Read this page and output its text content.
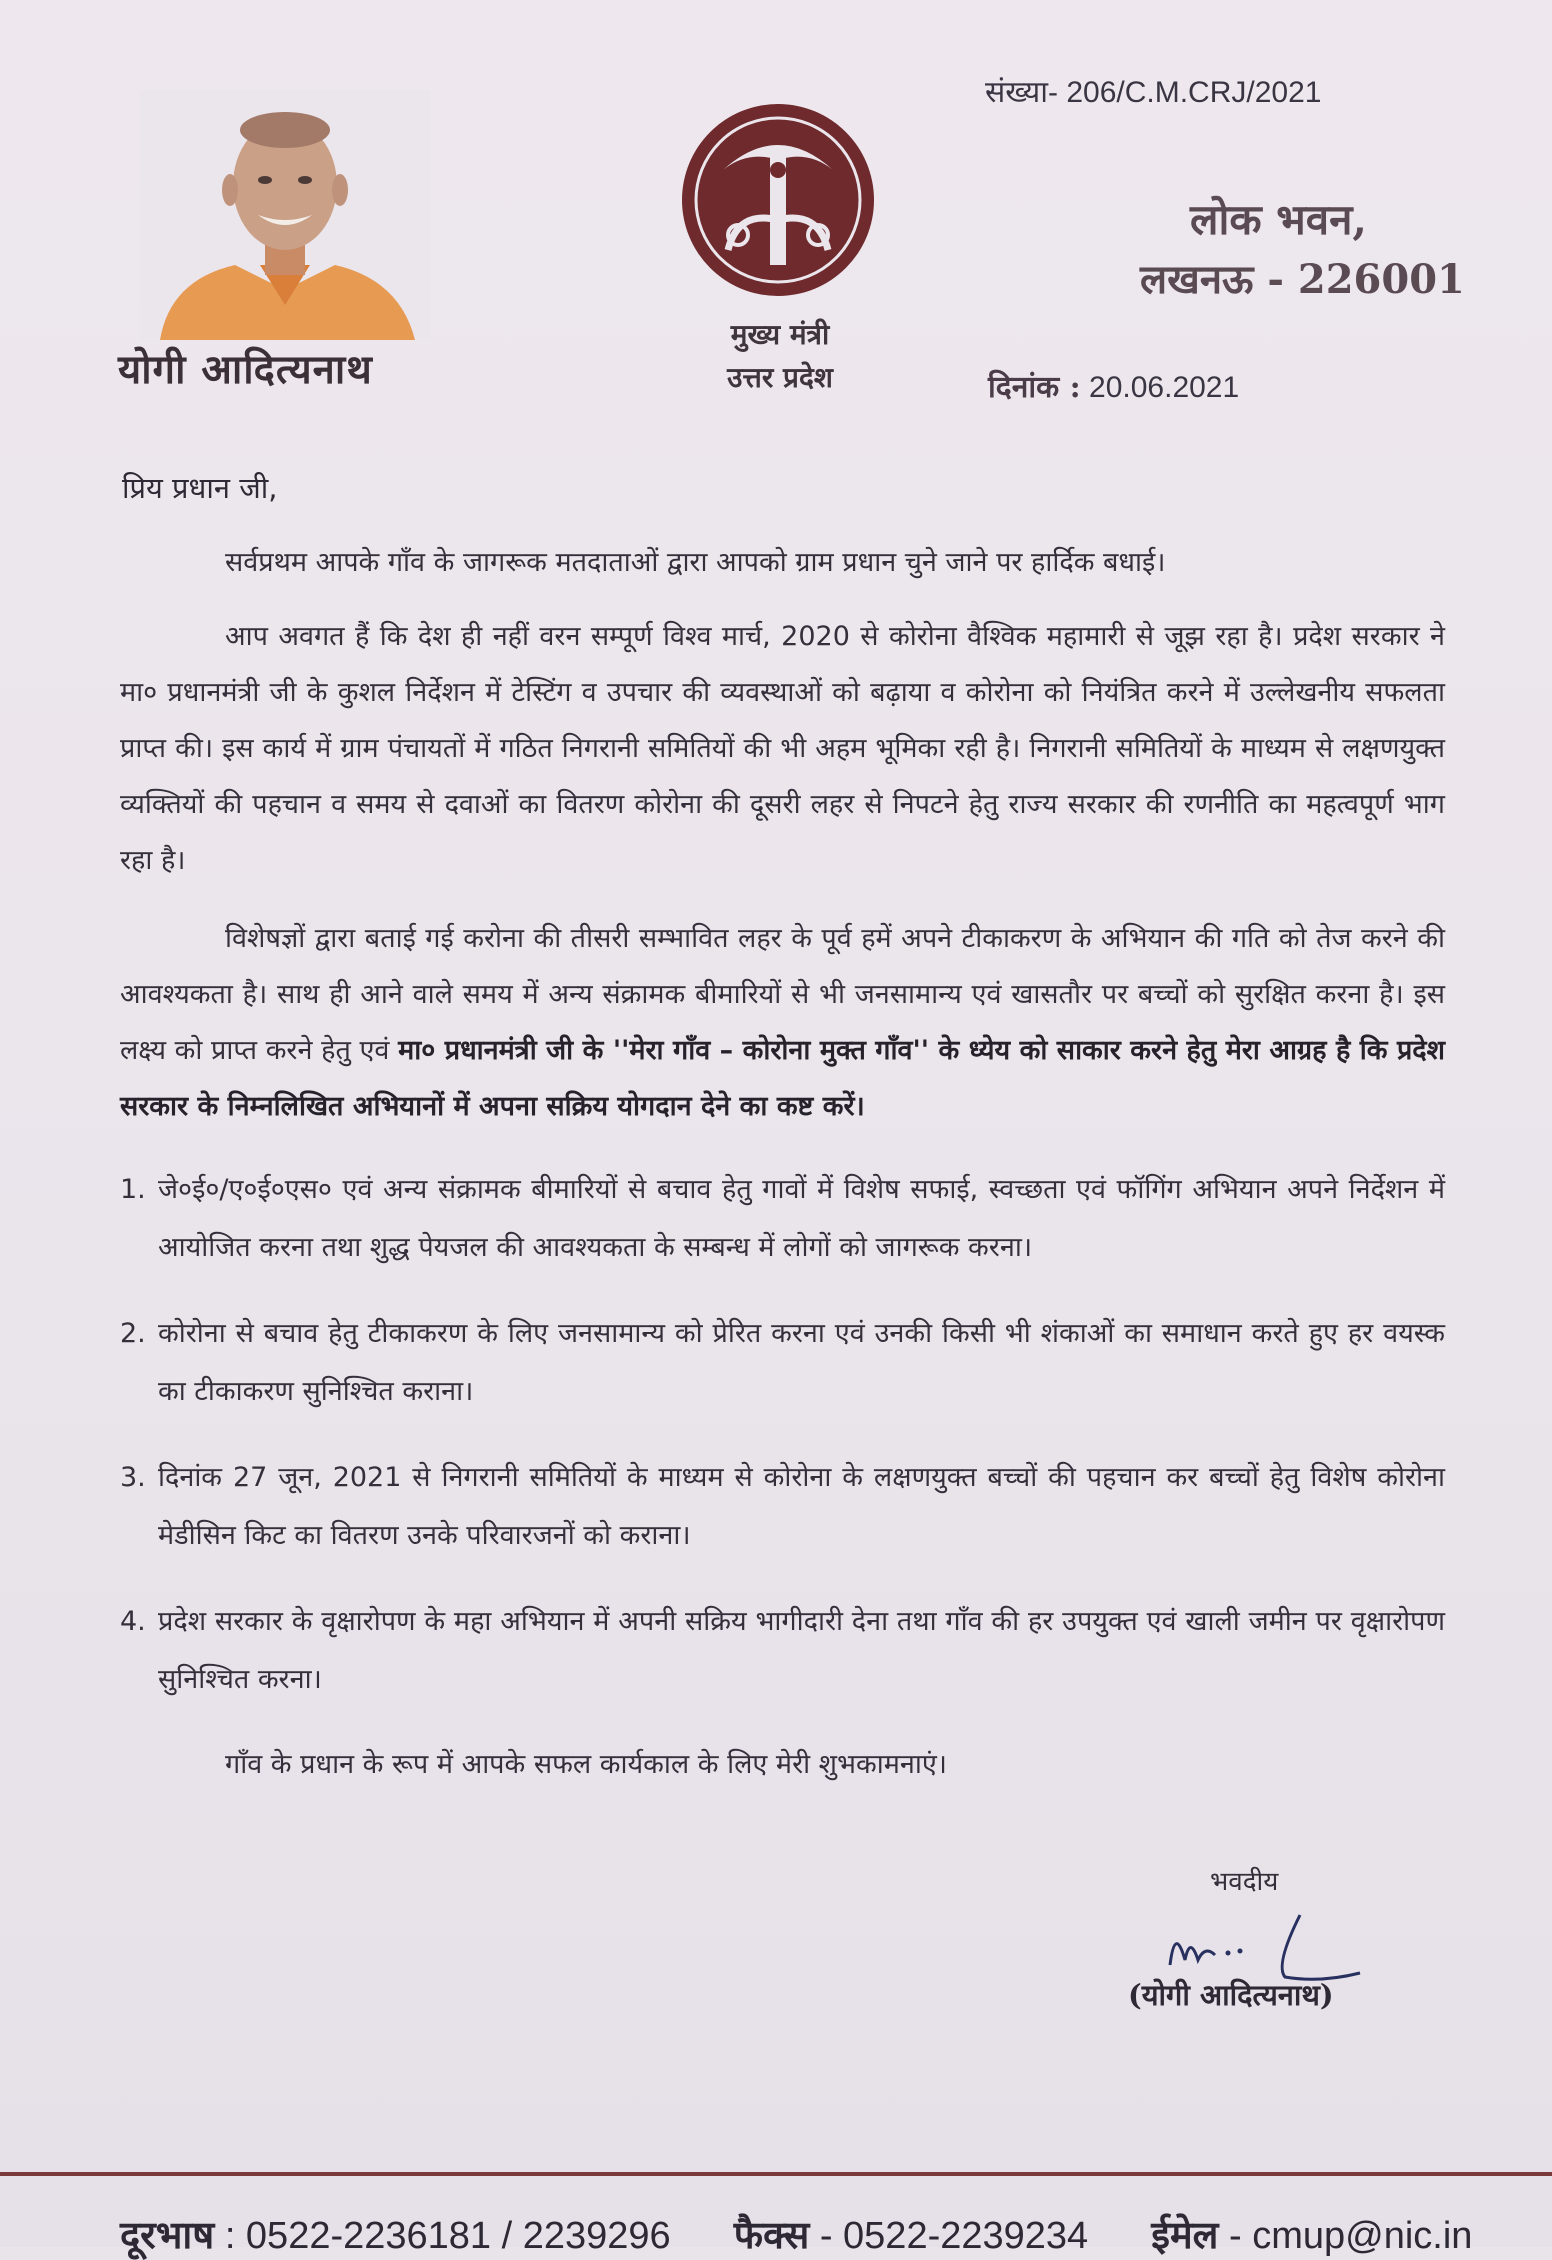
योगी आदित्यनाथ
मुख्य मंत्री
उत्तर प्रदेश
संख्या- 206/C.M.CRJ/2021
लोक भवन,
लखनऊ - 226001
दिनांक : 20.06.2021
प्रिय प्रधान जी,

सर्वप्रथम आपके गाँव के जागरूक मतदाताओं द्वारा आपको ग्राम प्रधान चुने जाने पर हार्दिक बधाई।

आप अवगत हैं कि देश ही नहीं वरन सम्पूर्ण विश्व मार्च, 2020 से कोरोना वैश्विक महामारी से जूझ रहा है। प्रदेश सरकार ने मा० प्रधानमंत्री जी के कुशल निर्देशन में टेस्टिंग व उपचार की व्यवस्थाओं को बढ़ाया व कोरोना को नियंत्रित करने में उल्लेखनीय सफलता प्राप्त की। इस कार्य में ग्राम पंचायतों में गठित निगरानी समितियों की भी अहम भूमिका रही है। निगरानी समितियों के माध्यम से लक्षणयुक्त व्यक्तियों की पहचान व समय से दवाओं का वितरण कोरोना की दूसरी लहर से निपटने हेतु राज्य सरकार की रणनीति का महत्वपूर्ण भाग रहा है।

विशेषज्ञों द्वारा बताई गई करोना की तीसरी सम्भावित लहर के पूर्व हमें अपने टीकाकरण के अभियान की गति को तेज करने की आवश्यकता है। साथ ही आने वाले समय में अन्य संक्रामक बीमारियों से भी जनसामान्य एवं खासतौर पर बच्चों को सुरक्षित करना है। इस लक्ष्य को प्राप्त करने हेतु एवं मा० प्रधानमंत्री जी के ''मेरा गाँव – कोरोना मुक्त गाँव'' के ध्येय को साकार करने हेतु मेरा आग्रह है कि प्रदेश सरकार के निम्नलिखित अभियानों में अपना सक्रिय योगदान देने का कष्ट करें।

1. जे०ई०/ए०ई०एस० एवं अन्य संक्रामक बीमारियों से बचाव हेतु गावों में विशेष सफाई, स्वच्छता एवं फॉगिंग अभियान अपने निर्देशन में आयोजित करना तथा शुद्ध पेयजल की आवश्यकता के सम्बन्ध में लोगों को जागरूक करना।
2. कोरोना से बचाव हेतु टीकाकरण के लिए जनसामान्य को प्रेरित करना एवं उनकी किसी भी शंकाओं का समाधान करते हुए हर वयस्क का टीकाकरण सुनिश्चित कराना।
3. दिनांक 27 जून, 2021 से निगरानी समितियों के माध्यम से कोरोना के लक्षणयुक्त बच्चों की पहचान कर बच्चों हेतु विशेष कोरोना मेडीसिन किट का वितरण उनके परिवारजनों को कराना।
4. प्रदेश सरकार के वृक्षारोपण के महा अभियान में अपनी सक्रिय भागीदारी देना तथा गाँव की हर उपयुक्त एवं खाली जमीन पर वृक्षारोपण सुनिश्चित करना।

गाँव के प्रधान के रूप में आपके सफल कार्यकाल के लिए मेरी शुभकामनाएं।

भवदीय
(योगी आदित्यनाथ)
दूरभाष : 0522-2236181 / 2239296 फैक्स - 0522-2239234 ईमेल - cmup@nic.in
